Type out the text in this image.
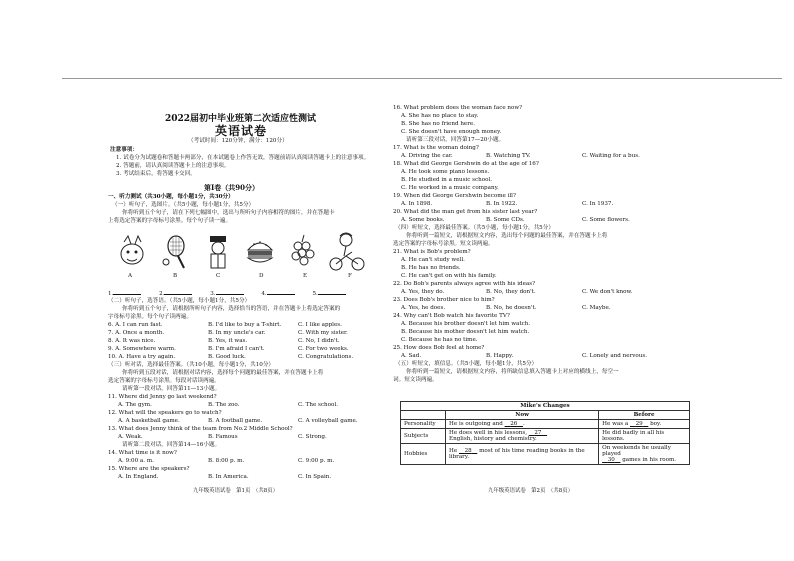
2022届初中毕业班第二次适应性测试
英语试卷
（考试时间：120分钟，满分：120分）
注意事项：
1. 试卷分为试题卷和答题卡两部分，在本试题卷上作答无效，答题前请认真阅读答题卡上的注意事项。
2. 答题前，请认真阅读答题卡上的注意事项。
3. 考试结束后，将答题卡交回。
第Ⅰ卷（共90分）
一、听力测试（共30小题，每小题1分，共30分）
（一）听句子，选图片。（共5小题，每小题1分，共5分）
你将听到五个句子，请在下列七幅图中，选出与所听句子内容相符的图片，并在答题卡
上将选定答案的字母标号涂黑。每个句子读一遍。
A	B	C	D	E	F
1.	2.	3.	4.	5.
（二）听句子，选答语。（共5小题，每小题1分，共5分）
你将听到五个句子，请根据所听句子内容，选择恰当的答语，并在答题卡上将选定答案的
字母标号涂黑。每个句子读两遍。
6. A. I can run fast.	B. I'd like to buy a T-shirt.	C. I like apples.
7. A. Once a month.	B. In my uncle's car.	C. With my sister.
8. A. It was nice.	B. Yes, it was.	C. No, I didn't.
9. A. Somewhere warm.	B. I'm afraid I can't.	C. For two weeks.
10. A. Have a try again.	B. Good luck.	C. Congratulations.
（三）听对话，选择最佳答案。（共10小题，每小题1分，共10分）
你将听到五段对话，请根据对话内容，选择每个问题的最佳答案，并在答题卡上将
选定答案的字母标号涂黑。每段对话读两遍。
请听第一段对话，回答第11—13小题。
11. Where did Jenny go last weekend?
A. The gym.	B. The zoo.	C. The school.
12. What will the speakers go to watch?
A. A basketball game.	B. A football game.	C. A volleyball game.
13. What does Jenny think of the team from No.2 Middle School?
A. Weak.	B. Famous	C. Strong.
请听第二段对话，回答第14—16小题。
14. What time is it now?
A. 9:00 a. m.	B. 8:00 p. m.	C. 9:00 p. m.
15. Where are the speakers?
A. In England.	B. In America.	C. In Spain.
九年级英语试卷　第1页　（共8页）
16. What problem does the woman face now?
A. She has no place to stay.
B. She has no friend here.
C. She doesn't have enough money.
请听第三段对话，回答第17—20小题。
17. What is the woman doing?
A. Driving the car.	B. Watching TV.	C. Waiting for a bus.
18. What did George Gershwin do at the age of 16?
A. He took some piano lessons.
B. He studied in a music school.
C. He worked in a music company.
19. When did George Gershwin become ill?
A. In 1898.	B. In 1922.	C. In 1937.
20. What did the man get from his sister last year?
A. Some books.	B. Some CDs.	C. Some flowers.
（四）听短文，选择最佳答案。（共5小题，每小题1分，共5分）
你将听到一篇短文，请根据短文内容，选出每个问题的最佳答案，并在答题卡上将
选定答案的字母标号涂黑。短文读两遍。
21. What is Bob's problem?
A. He can't study well.
B. He has no friends.
C. He can't get on with his family.
22. Do Bob's parents always agree with his ideas?
A. Yes, they do.	B. No, they don't.	C. We don't know.
23. Does Bob's brother nice to him?
A. Yes, he does.	B. No, he doesn't.	C. Maybe.
24. Why can't Bob watch his favorite TV?
A. Because his brother doesn't let him watch.
B. Because his mother doesn't let him watch.
C. Because he has no time.
25. How does Bob feel at home?
A. Sad.	B. Happy.	C. Lonely and nervous.
（五）听短文，填信息。（共5小题，每小题1分，共5分）
你将听到一篇短文，请根据短文内容，将所缺信息填入答题卡上对应的横线上，每空一
词。短文读两遍。
Mike's Changes		
	Now	Before
Personality	He is outgoing and __26__.	He was a __29__ boy.
Subjects	He does well in his lessons, __27__
English, history and chemistry.	He did badly in all his lessons.
Hobbies	He __28__ most of his time reading books in the library.	On weekends he usually played
__30__ games in his room.
九年级英语试卷　第2页　（共8页）
